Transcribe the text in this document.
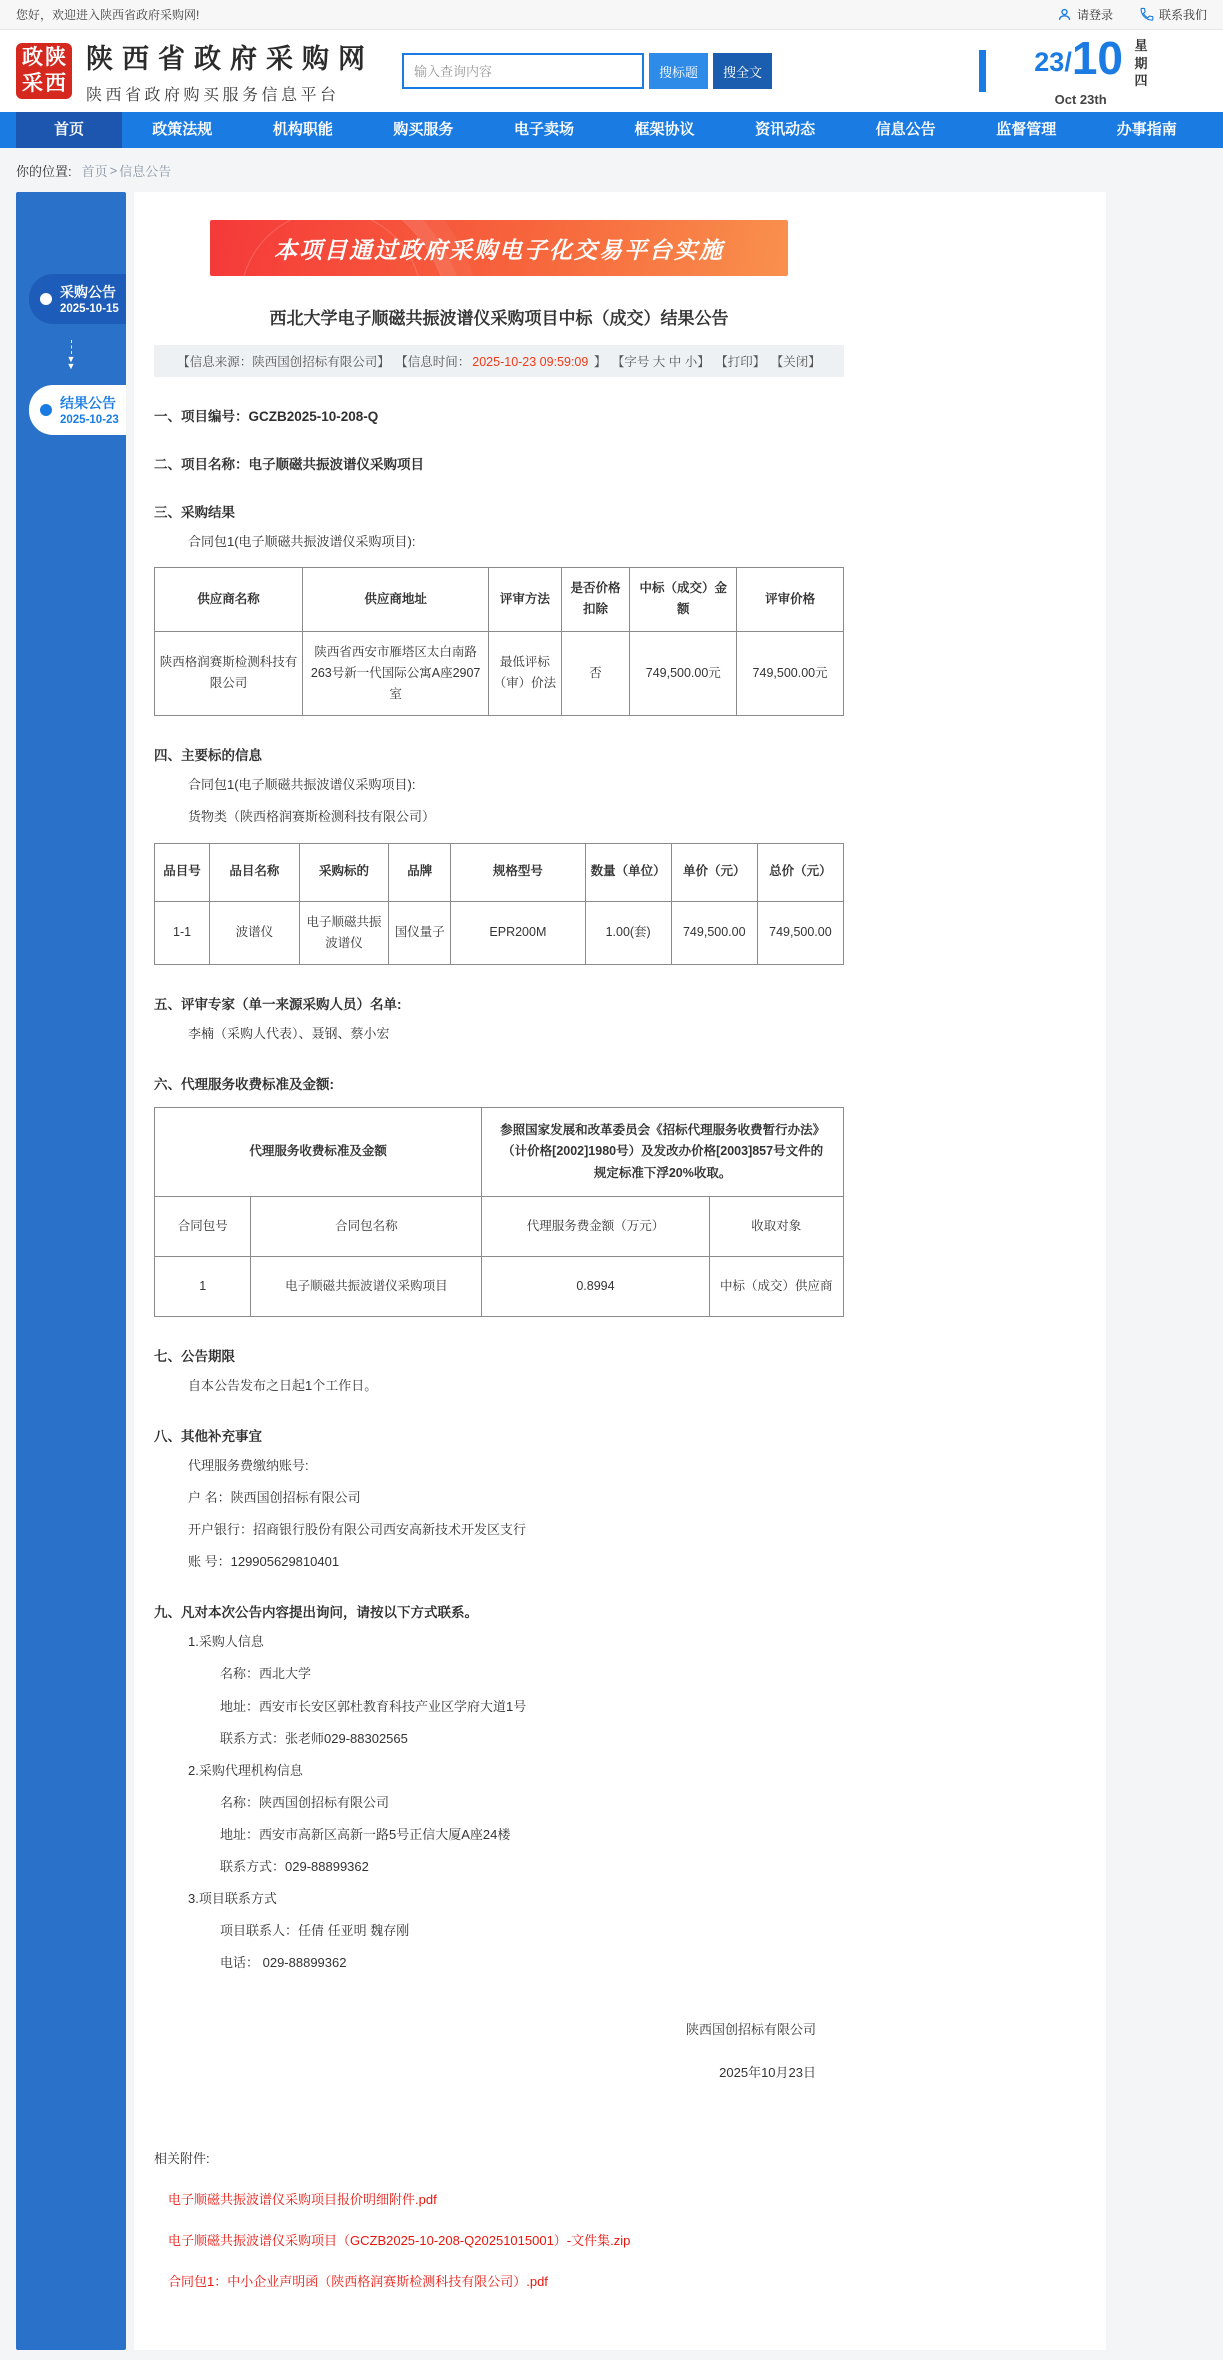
您好，欢迎进入陕西省政府采购网!	请登录	联系我们
政陕
采西
陕西省政府采购网
陕西省政府购买服务信息平台
输入查询内容
搜标题	搜全文	23/ 10 星期四
Oct 23th
首页	政策法规	机构职能	购买服务	电子卖场	框架协议	资讯动态	信息公告	监督管理	办事指南
你的位置: 首页 > 信息公告
采购公告
2025-10-15
▼
▼
结果公告
2025-10-23
本项目通过政府采购电子化交易平台实施
西北大学电子顺磁共振波谱仪采购项目中标（成交）结果公告
【信息来源：陕西国创招标有限公司】 【信息时间： 2025-10-23 09:59:09 】 【字号 大 中 小】 【打印】 【关闭】
一、项目编号：GCZB2025-10-208-Q
二、项目名称：电子顺磁共振波谱仪采购项目
三、采购结果
合同包1(电子顺磁共振波谱仪采购项目):
供应商名称	供应商地址	评审方法	是否价格扣除	中标（成交）金额	评审价格
陕西格润赛斯检测科技有限公司	陕西省西安市雁塔区太白南路263号新一代国际公寓A座2907室	最低评标（审）价法	否	749,500.00元	749,500.00元
四、主要标的信息
合同包1(电子顺磁共振波谱仪采购项目):
货物类（陕西格润赛斯检测科技有限公司）
品目号	品目名称	采购标的	品牌	规格型号	数量（单位）	单价（元）	总价（元）
1-1	波谱仪	电子顺磁共振波谱仪	国仪量子	EPR200M	1.00(套)	749,500.00	749,500.00
五、评审专家（单一来源采购人员）名单:
李楠（采购人代表）、聂钢、蔡小宏
六、代理服务收费标准及金额:
代理服务收费标准及金额		参照国家发展和改革委员会《招标代理服务收费暂行办法》（计价格[2002]1980号）及发改办价格[2003]857号文件的规定标准下浮20%收取。	
合同包号	合同包名称	代理服务费金额（万元）	收取对象
1	电子顺磁共振波谱仪采购项目	0.8994	中标（成交）供应商
七、公告期限
自本公告发布之日起1个工作日。
八、其他补充事宜
代理服务费缴纳账号:
户 名：陕西国创招标有限公司
开户银行：招商银行股份有限公司西安高新技术开发区支行
账 号：129905629810401
九、凡对本次公告内容提出询问，请按以下方式联系。
1.采购人信息
名称：西北大学
地址：西安市长安区郭杜教育科技产业区学府大道1号
联系方式：张老师029-88302565
2.采购代理机构信息
名称：陕西国创招标有限公司
地址：西安市高新区高新一路5号正信大厦A座24楼
联系方式：029-88899362
3.项目联系方式
项目联系人：任倩 任亚明 魏存刚
电话： 029-88899362
陕西国创招标有限公司
2025年10月23日
相关附件:
电子顺磁共振波谱仪采购项目报价明细附件.pdf
电子顺磁共振波谱仪采购项目（GCZB2025-10-208-Q20251015001）-文件集.zip
合同包1：中小企业声明函（陕西格润赛斯检测科技有限公司）.pdf
